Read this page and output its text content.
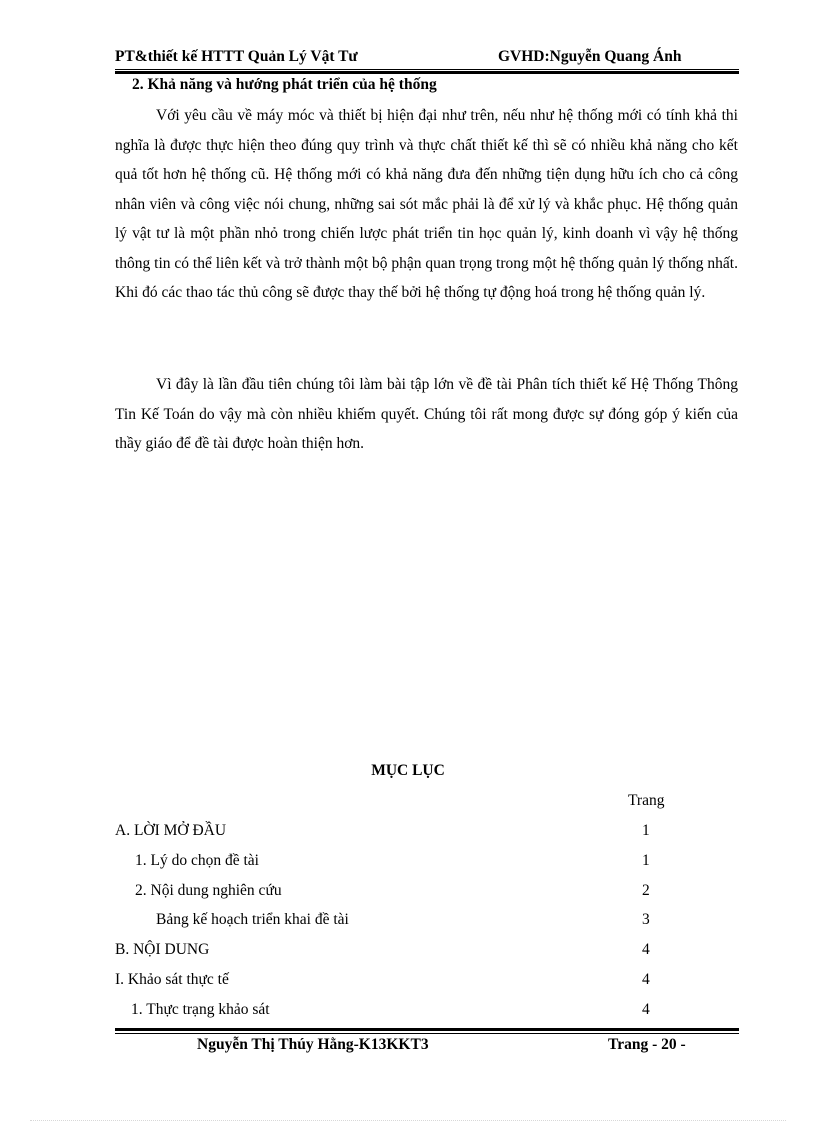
PT&thiết kế HTTT Quản Lý Vật Tư	GVHD:Nguyễn Quang Ánh
2. Khả năng và hướng phát triển của hệ thống

Với yêu cầu về máy móc và thiết bị hiện đại như trên, nếu như hệ thống mới có tính khả thi nghĩa là được thực hiện theo đúng quy trình và thực chất thiết kế thì sẽ có nhiều khả năng cho kết quả tốt hơn hệ thống cũ. Hệ thống mới có khả năng đưa đến những tiện dụng hữu ích cho cả công nhân viên và công việc nói chung, những sai sót mắc phải là để xử lý và khắc phục. Hệ thống quản lý vật tư là một phần nhỏ trong chiến lược phát triển tin học quản lý, kinh doanh vì vậy hệ thống thông tin có thể liên kết và trở thành một bộ phận quan trọng trong một hệ thống quản lý thống nhất. Khi đó các thao tác thủ công sẽ được thay thế bởi hệ thống tự động hoá trong hệ thống quản lý.

Vì đây là lần đầu tiên chúng tôi làm bài tập lớn về đề tài Phân tích thiết kế Hệ Thống Thông Tin Kế Toán do vậy mà còn nhiều khiếm quyết. Chúng tôi rất mong được sự đóng góp ý kiến của thầy giáo để đề tài được hoàn thiện hơn.

MỤC LỤC
Trang
A. LỜI MỞ ĐẦU	1
1. Lý do chọn đề tài	1
2. Nội dung nghiên cứu	2
Bảng kế hoạch triển khai đề tài	3
B. NỘI DUNG	4
I. Khảo sát thực tế	4
1. Thực trạng khảo sát	4
Nguyễn Thị Thúy Hằng-K13KKT3	Trang - 20 -
